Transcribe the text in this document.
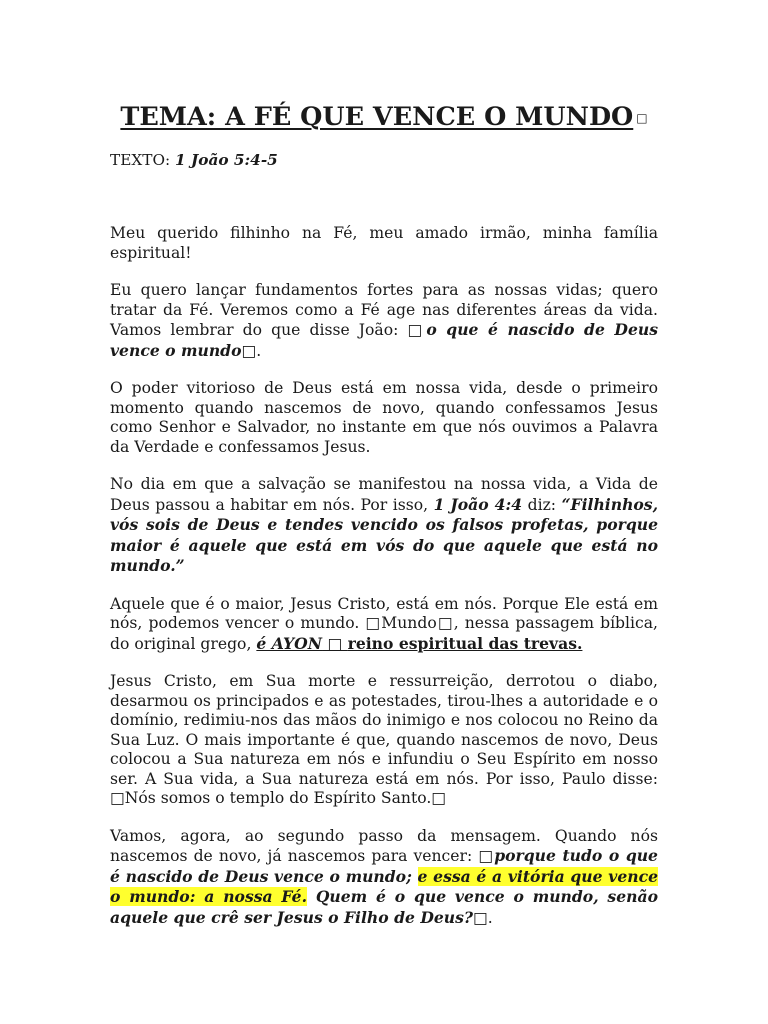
TEMA: A FÉ QUE VENCE O MUNDO □
TEXTO: 1 João 5:4-5

Meu querido filhinho na Fé, meu amado irmão, minha família espiritual!

Eu quero lançar fundamentos fortes para as nossas vidas; quero tratar da Fé. Veremos como a Fé age nas diferentes áreas da vida. Vamos lembrar do que disse João: □o que é nascido de Deus vence o mundo□.

O poder vitorioso de Deus está em nossa vida, desde o primeiro momento quando nascemos de novo, quando confessamos Jesus como Senhor e Salvador, no instante em que nós ouvimos a Palavra da Verdade e confessamos Jesus.

No dia em que a salvação se manifestou na nossa vida, a Vida de Deus passou a habitar em nós. Por isso, 1 João 4:4 diz: “Filhinhos, vós sois de Deus e tendes vencido os falsos profetas, porque maior é aquele que está em vós do que aquele que está no mundo.”

Aquele que é o maior, Jesus Cristo, está em nós. Porque Ele está em nós, podemos vencer o mundo. □Mundo□, nessa passagem bíblica, do original grego, é AYON □ reino espiritual das trevas.

Jesus Cristo, em Sua morte e ressurreição, derrotou o diabo, desarmou os principados e as potestades, tirou-lhes a autoridade e o domínio, redimiu-nos das mãos do inimigo e nos colocou no Reino da Sua Luz. O mais importante é que, quando nascemos de novo, Deus colocou a Sua natureza em nós e infundiu o Seu Espírito em nosso ser. A Sua vida, a Sua natureza está em nós. Por isso, Paulo disse: □Nós somos o templo do Espírito Santo.□

Vamos, agora, ao segundo passo da mensagem. Quando nós nascemos de novo, já nascemos para vencer: □porque tudo o que é nascido de Deus vence o mundo; e essa é a vitória que vence o mundo: a nossa Fé. Quem é o que vence o mundo, senão aquele que crê ser Jesus o Filho de Deus?□.
